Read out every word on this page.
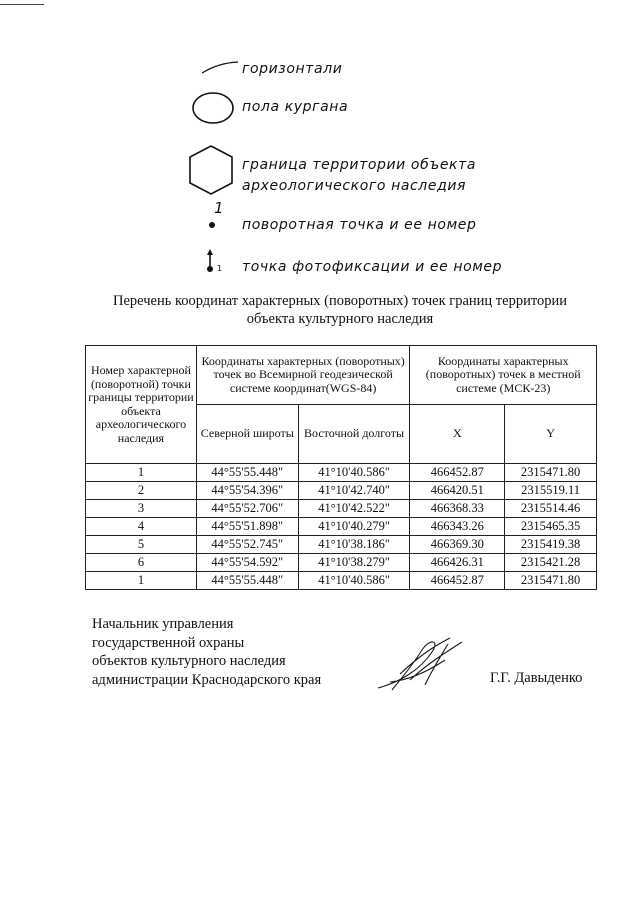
горизонтали
пола кургана
граница территории объекта
археологического наследия
1
поворотная точка и ее номер
1 точка фотофиксации и ее номер
Перечень координат характерных (поворотных) точек границ территории
объекта культурного наследия
Номер характерной (поворотной) точки границы территории объекта археологического наследия	Координаты характерных (поворотных) точек во Всемирной геодезической системе координат(WGS-84)		Координаты характерных (поворотных) точек в местной системе (МСК-23)	
	Северной широты	Восточной долготы	X	Y
1	44°55'55.448"	41°10'40.586"	466452.87	2315471.80
2	44°55'54.396"	41°10'42.740"	466420.51	2315519.11
3	44°55'52.706"	41°10'42.522"	466368.33	2315514.46
4	44°55'51.898"	41°10'40.279"	466343.26	2315465.35
5	44°55'52.745"	41°10'38.186"	466369.30	2315419.38
6	44°55'54.592"	41°10'38.279"	466426.31	2315421.28
1	44°55'55.448"	41°10'40.586"	466452.87	2315471.80
Начальник управления
государственной охраны
объектов культурного наследия
администрации Краснодарского края	Г.Г. Давыденко
